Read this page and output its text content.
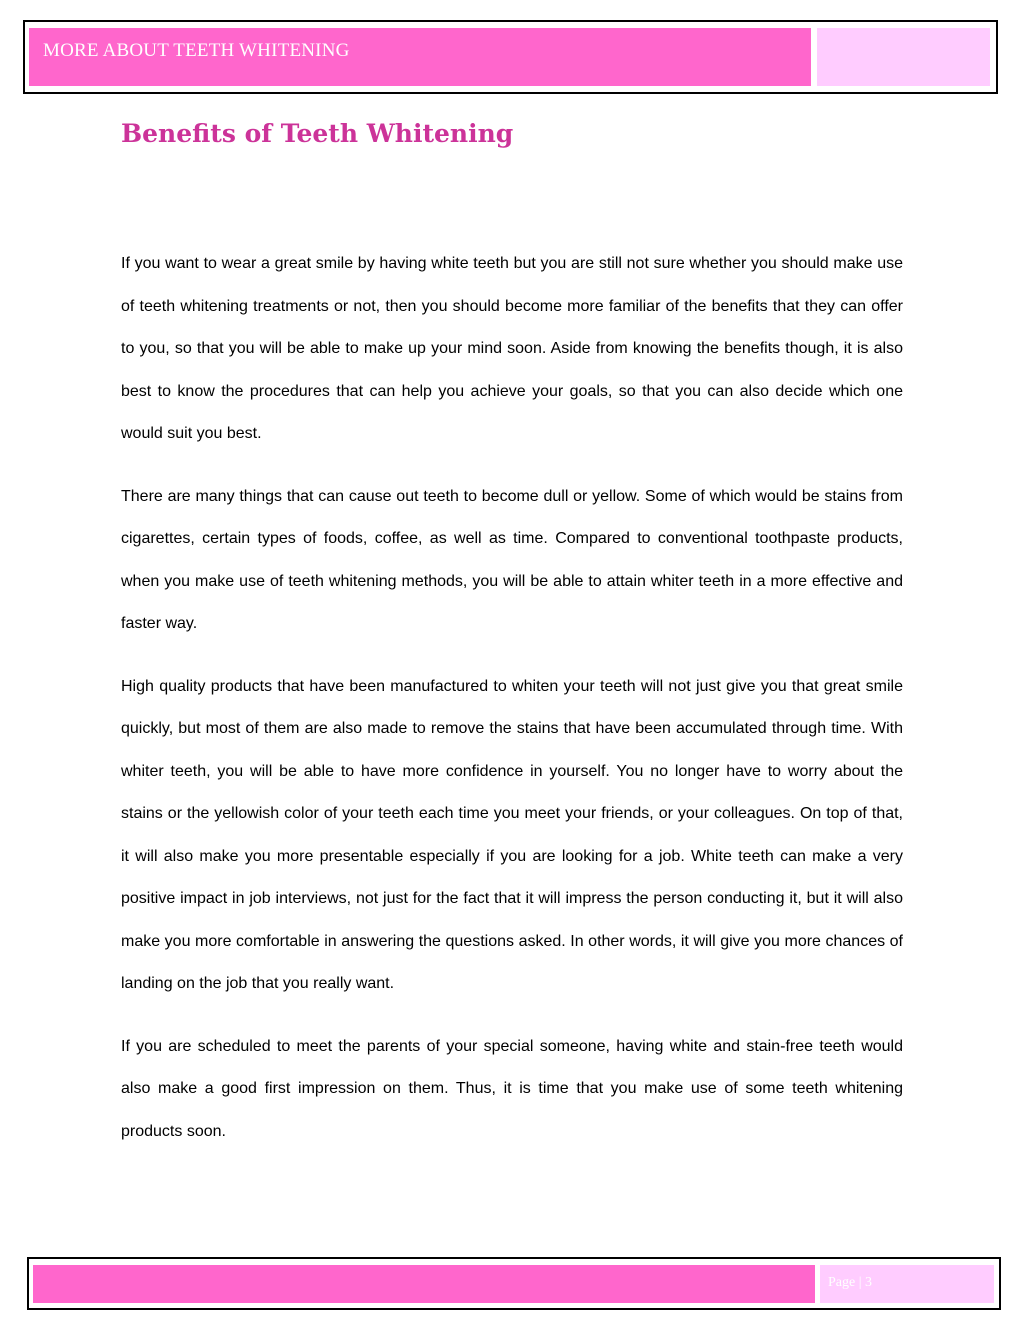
MORE ABOUT TEETH WHITENING
Benefits of Teeth Whitening

If you want to wear a great smile by having white teeth but you are still not sure whether you should make use of teeth whitening treatments or not, then you should become more familiar of the benefits that they can offer to you, so that you will be able to make up your mind soon. Aside from knowing the benefits though, it is also best to know the procedures that can help you achieve your goals, so that you can also decide which one would suit you best.

There are many things that can cause out teeth to become dull or yellow. Some of which would be stains from cigarettes, certain types of foods, coffee, as well as time. Compared to conventional toothpaste products, when you make use of teeth whitening methods, you will be able to attain whiter teeth in a more effective and faster way.

High quality products that have been manufactured to whiten your teeth will not just give you that great smile quickly, but most of them are also made to remove the stains that have been accumulated through time. With whiter teeth, you will be able to have more confidence in yourself. You no longer have to worry about the stains or the yellowish color of your teeth each time you meet your friends, or your colleagues. On top of that, it will also make you more presentable especially if you are looking for a job. White teeth can make a very positive impact in job interviews, not just for the fact that it will impress the person conducting it, but it will also make you more comfortable in answering the questions asked. In other words, it will give you more chances of landing on the job that you really want.

If you are scheduled to meet the parents of your special someone, having white and stain-free teeth would also make a good first impression on them. Thus, it is time that you make use of some teeth whitening products soon.

Page | 3
